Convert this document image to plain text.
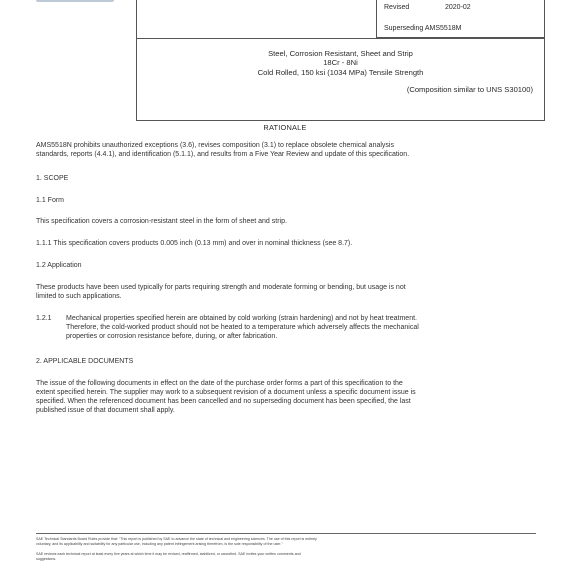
Revised	2020-02
Superseding AMS5518M
Steel, Corrosion Resistant, Sheet and Strip
18Cr - 8Ni
Cold Rolled, 150 ksi (1034 MPa) Tensile Strength
(Composition similar to UNS S30100)
RATIONALE
AMS5518N prohibits unauthorized exceptions (3.6), revises composition (3.1) to replace obsolete chemical analysis
standards, reports (4.4.1), and identification (5.1.1), and results from a Five Year Review and update of this specification.
1. SCOPE
1.1 Form
This specification covers a corrosion-resistant steel in the form of sheet and strip.
1.1.1 This specification covers products 0.005 inch (0.13 mm) and over in nominal thickness (see 8.7).
1.2 Application
These products have been used typically for parts requiring strength and moderate forming or bending, but usage is not
limited to such applications.
1.2.1 Mechanical properties specified herein are obtained by cold working (strain hardening) and not by heat treatment.
Therefore, the cold-worked product should not be heated to a temperature which adversely affects the mechanical
properties or corrosion resistance before, during, or after fabrication.
2. APPLICABLE DOCUMENTS
The issue of the following documents in effect on the date of the purchase order forms a part of this specification to the
extent specified herein. The supplier may work to a subsequent revision of a document unless a specific document issue is
specified. When the referenced document has been cancelled and no superseding document has been specified, the last
published issue of that document shall apply.
SAE Technical Standards Board Rules provide that: "This report is published by SAE to advance the state of technical and engineering sciences. The use of this report is entirely
voluntary, and its applicability and suitability for any particular use, including any patent infringement arising therefrom, is the sole responsibility of the user."
SAE reviews each technical report at least every five years at which time it may be revised, reaffirmed, stabilized, or cancelled. SAE invites your written comments and
suggestions.
